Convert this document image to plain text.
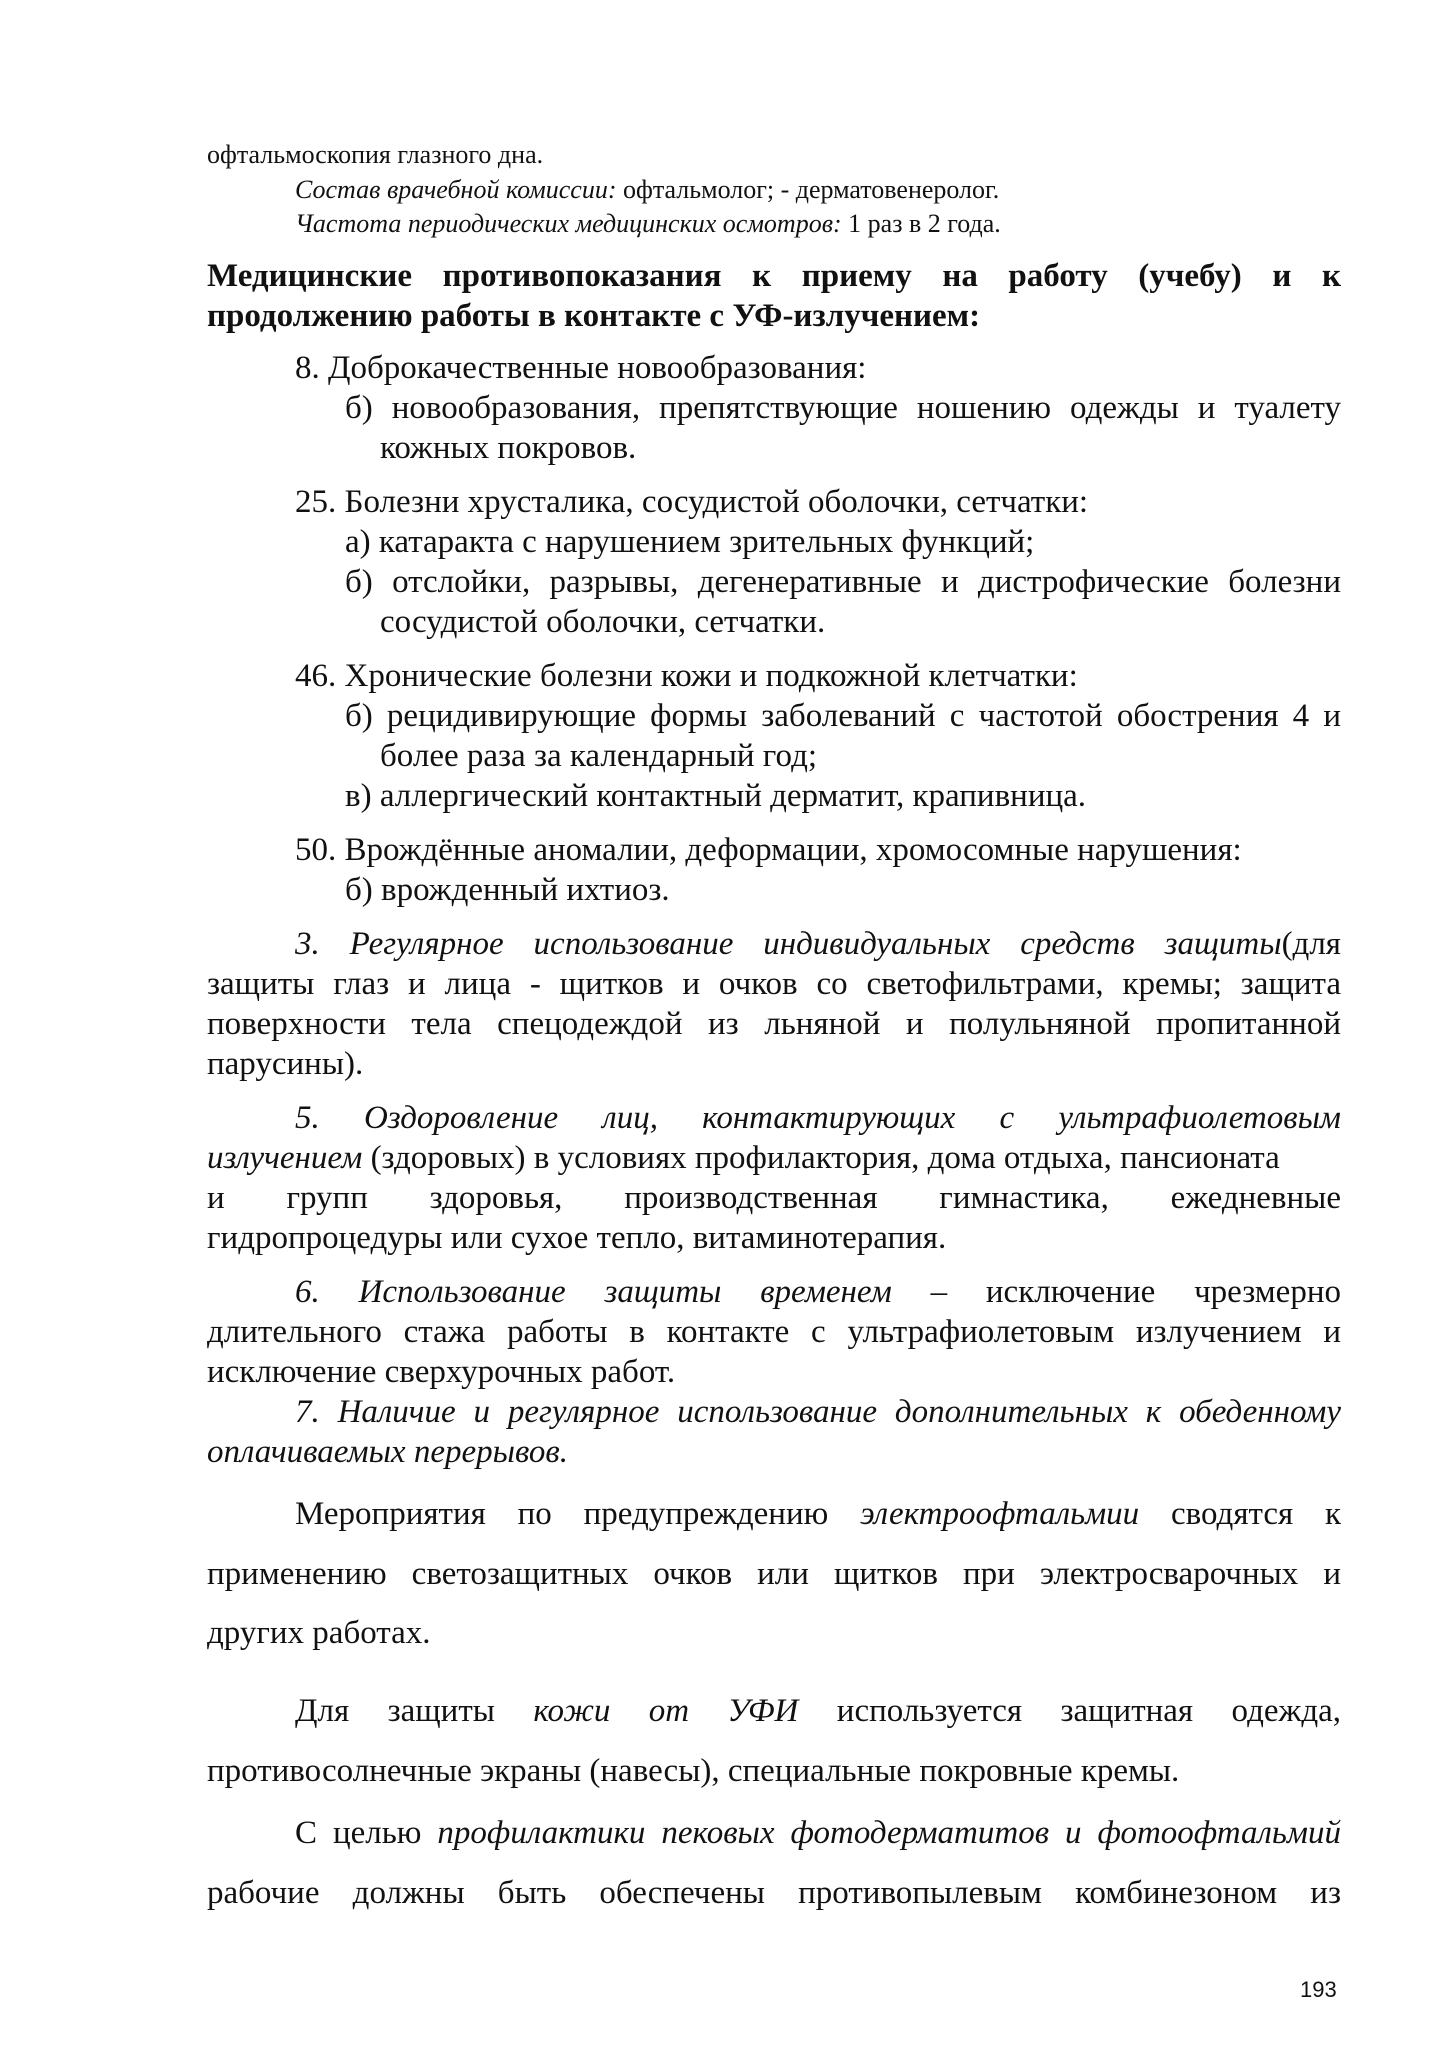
офтальмоскопия глазного дна.
Состав врачебной комиссии: офтальмолог; - дерматовенеролог.
Частота периодических медицинских осмотров: 1 раз в 2 года.
Медицинские противопоказания к приему на работу (учебу) и к
продолжению работы в контакте с УФ-излучением:
8. Доброкачественные новообразования:
б) новообразования, препятствующие ношению одежды и туалету
кожных покровов.
25. Болезни хрусталика, сосудистой оболочки, сетчатки:
а) катаракта с нарушением зрительных функций;
б) отслойки, разрывы, дегенеративные и дистрофические болезни
сосудистой оболочки, сетчатки.
46. Хронические болезни кожи и подкожной клетчатки:
б) рецидивирующие формы заболеваний с частотой обострения 4 и
более раза за календарный год;
в) аллергический контактный дерматит, крапивница.
50. Врождённые аномалии, деформации, хромосомные нарушения:
б) врожденный ихтиоз.
3. Регулярное использование индивидуальных средств защиты(для
защиты глаз и лица - щитков и очков со светофильтрами, кремы; защита
поверхности тела спецодеждой из льняной и полульняной пропитанной
парусины).
5. Оздоровление лиц, контактирующих с ультрафиолетовым
излучением (здоровых) в условиях профилактория, дома отдыха, пансионата
и групп здоровья, производственная гимнастика, ежедневные
гидропроцедуры или сухое тепло, витаминотерапия.
6. Использование защиты временем – исключение чрезмерно
длительного стажа работы в контакте с ультрафиолетовым излучением и
исключение сверхурочных работ.
7. Наличие и регулярное использование дополнительных к обеденному
оплачиваемых перерывов.
Мероприятия по предупреждению электроофтальмии сводятся к
применению светозащитных очков или щитков при электросварочных и
других работах.
Для защиты кожи от УФИ используется защитная одежда,
противосолнечные экраны (навесы), специальные покровные кремы.
С целью профилактики пековых фотодерматитов и фотоофтальмий
рабочие должны быть обеспечены противопылевым комбинезоном из
193
